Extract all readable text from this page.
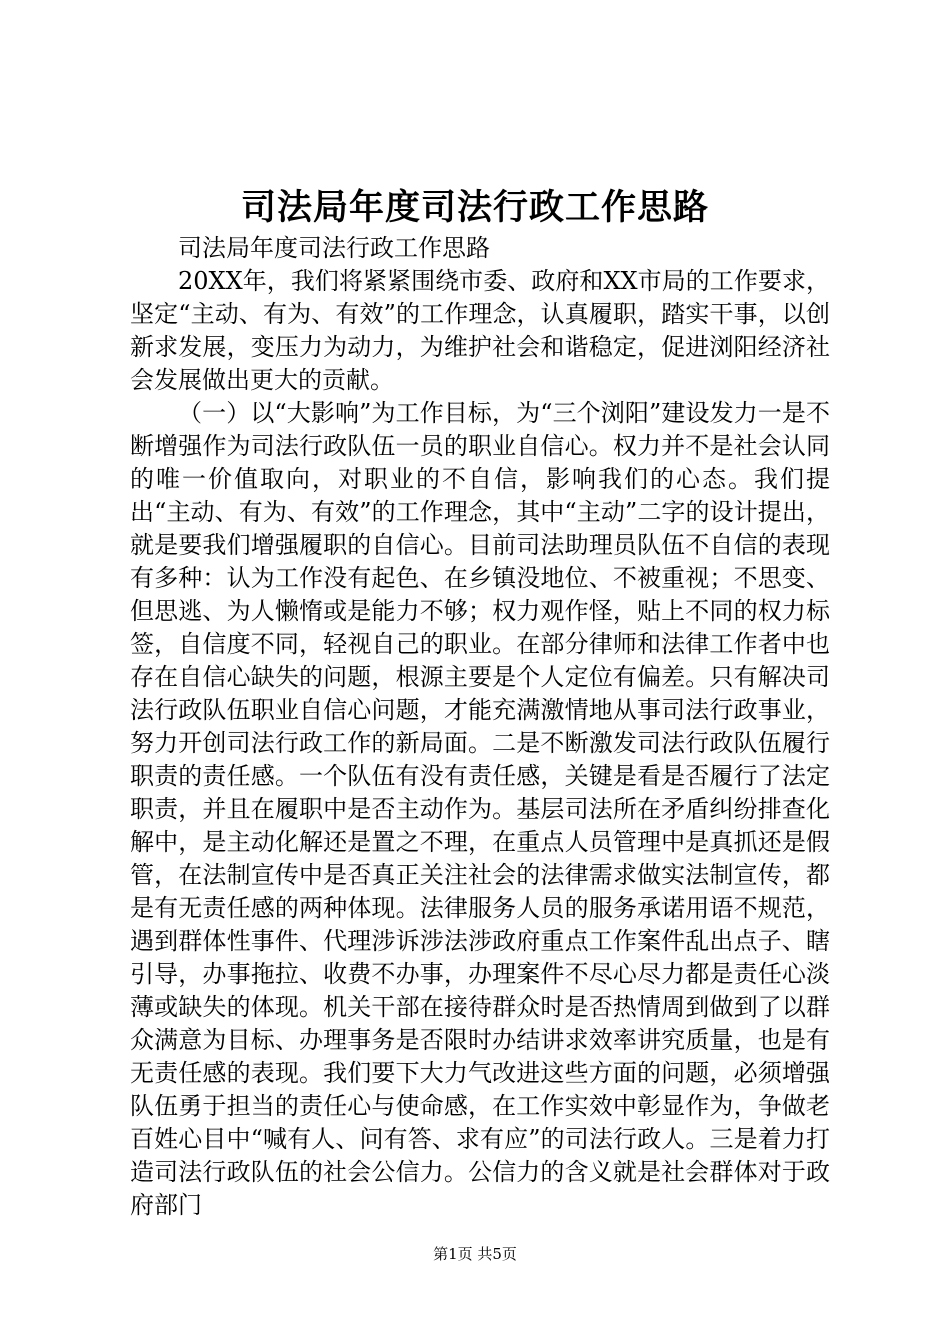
司法局年度司法行政工作思路

司法局年度司法行政工作思路

20XX年，我们将紧紧围绕市委、政府和XX市局的工作要求，坚定“主动、有为、有效”的工作理念，认真履职，踏实干事，以创新求发展，变压力为动力，为维护社会和谐稳定，促进浏阳经济社会发展做出更大的贡献。

（一）以“大影响”为工作目标，为“三个浏阳”建设发力一是不断增强作为司法行政队伍一员的职业自信心。权力并不是社会认同的唯一价值取向，对职业的不自信，影响我们的心态。我们提出“主动、有为、有效”的工作理念，其中“主动”二字的设计提出，就是要我们增强履职的自信心。目前司法助理员队伍不自信的表现有多种：认为工作没有起色、在乡镇没地位、不被重视；不思变、但思逃、为人懒惰或是能力不够；权力观作怪，贴上不同的权力标签，自信度不同，轻视自己的职业。在部分律师和法律工作者中也存在自信心缺失的问题，根源主要是个人定位有偏差。只有解决司法行政队伍职业自信心问题，才能充满激情地从事司法行政事业，努力开创司法行政工作的新局面。二是不断激发司法行政队伍履行职责的责任感。一个队伍有没有责任感，关键是看是否履行了法定职责，并且在履职中是否主动作为。基层司法所在矛盾纠纷排查化解中，是主动化解还是置之不理，在重点人员管理中是真抓还是假管，在法制宣传中是否真正关注社会的法律需求做实法制宣传，都是有无责任感的两种体现。法律服务人员的服务承诺用语不规范，遇到群体性事件、代理涉诉涉法涉政府重点工作案件乱出点子、瞎引导，办事拖拉、收费不办事，办理案件不尽心尽力都是责任心淡薄或缺失的体现。机关干部在接待群众时是否热情周到做到了以群众满意为目标、办理事务是否限时办结讲求效率讲究质量，也是有无责任感的表现。我们要下大力气改进这些方面的问题，必须增强队伍勇于担当的责任心与使命感，在工作实效中彰显作为，争做老百姓心目中“喊有人、问有答、求有应”的司法行政人。三是着力打造司法行政队伍的社会公信力。公信力的含义就是社会群体对于政府部门

第1页 共5页
